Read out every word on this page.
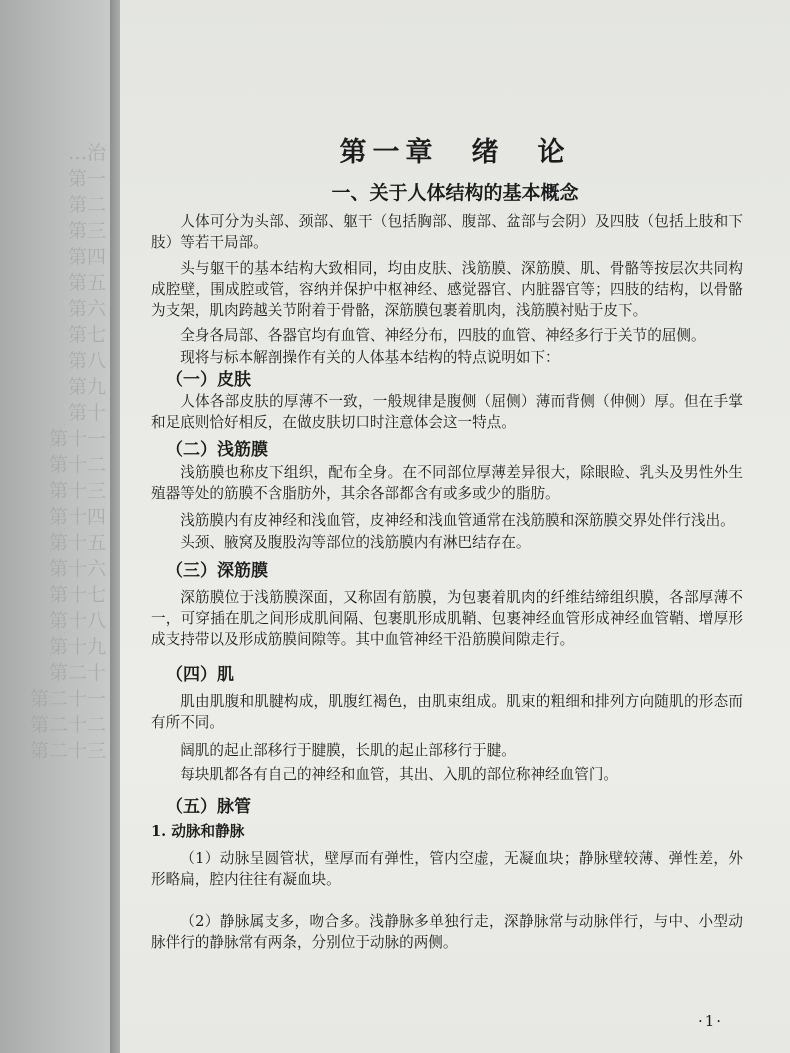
…治
第一
第二
第三
第四
第五
第六
第七
第八
第九
第十
第十一
第十二
第十三
第十四
第十五
第十六
第十七
第十八
第十九
第二十
第二十一
第二十二
第二十三
第一章　绪　论
一、关于人体结构的基本概念

人体可分为头部、颈部、躯干（包括胸部、腹部、盆部与会阴）及四肢（包括上肢和下肢）等若干局部。

头与躯干的基本结构大致相同，均由皮肤、浅筋膜、深筋膜、肌、骨骼等按层次共同构成腔壁，围成腔或管，容纳并保护中枢神经、感觉器官、内脏器官等；四肢的结构，以骨骼为支架，肌肉跨越关节附着于骨骼，深筋膜包裹着肌肉，浅筋膜衬贴于皮下。

全身各局部、各器官均有血管、神经分布，四肢的血管、神经多行于关节的屈侧。

现将与标本解剖操作有关的人体基本结构的特点说明如下：

（一）皮肤

人体各部皮肤的厚薄不一致，一般规律是腹侧（屈侧）薄而背侧（伸侧）厚。但在手掌和足底则恰好相反，在做皮肤切口时注意体会这一特点。

（二）浅筋膜

浅筋膜也称皮下组织，配布全身。在不同部位厚薄差异很大，除眼睑、乳头及男性外生殖器等处的筋膜不含脂肪外，其余各部都含有或多或少的脂肪。

浅筋膜内有皮神经和浅血管，皮神经和浅血管通常在浅筋膜和深筋膜交界处伴行浅出。

头颈、腋窝及腹股沟等部位的浅筋膜内有淋巴结存在。

（三）深筋膜

深筋膜位于浅筋膜深面，又称固有筋膜，为包裹着肌肉的纤维结缔组织膜，各部厚薄不一，可穿插在肌之间形成肌间隔、包裹肌形成肌鞘、包裹神经血管形成神经血管鞘、增厚形成支持带以及形成筋膜间隙等。其中血管神经干沿筋膜间隙走行。

（四）肌

肌由肌腹和肌腱构成，肌腹红褐色，由肌束组成。肌束的粗细和排列方向随肌的形态而有所不同。

阔肌的起止部移行于腱膜，长肌的起止部移行于腱。

每块肌都各有自己的神经和血管，其出、入肌的部位称神经血管门。

（五）脉管
1. 动脉和静脉

（1）动脉呈圆管状，壁厚而有弹性，管内空虚，无凝血块；静脉壁较薄、弹性差，外形略扁，腔内往往有凝血块。

（2）静脉属支多，吻合多。浅静脉多单独行走，深静脉常与动脉伴行，与中、小型动脉伴行的静脉常有两条，分别位于动脉的两侧。

·1·
